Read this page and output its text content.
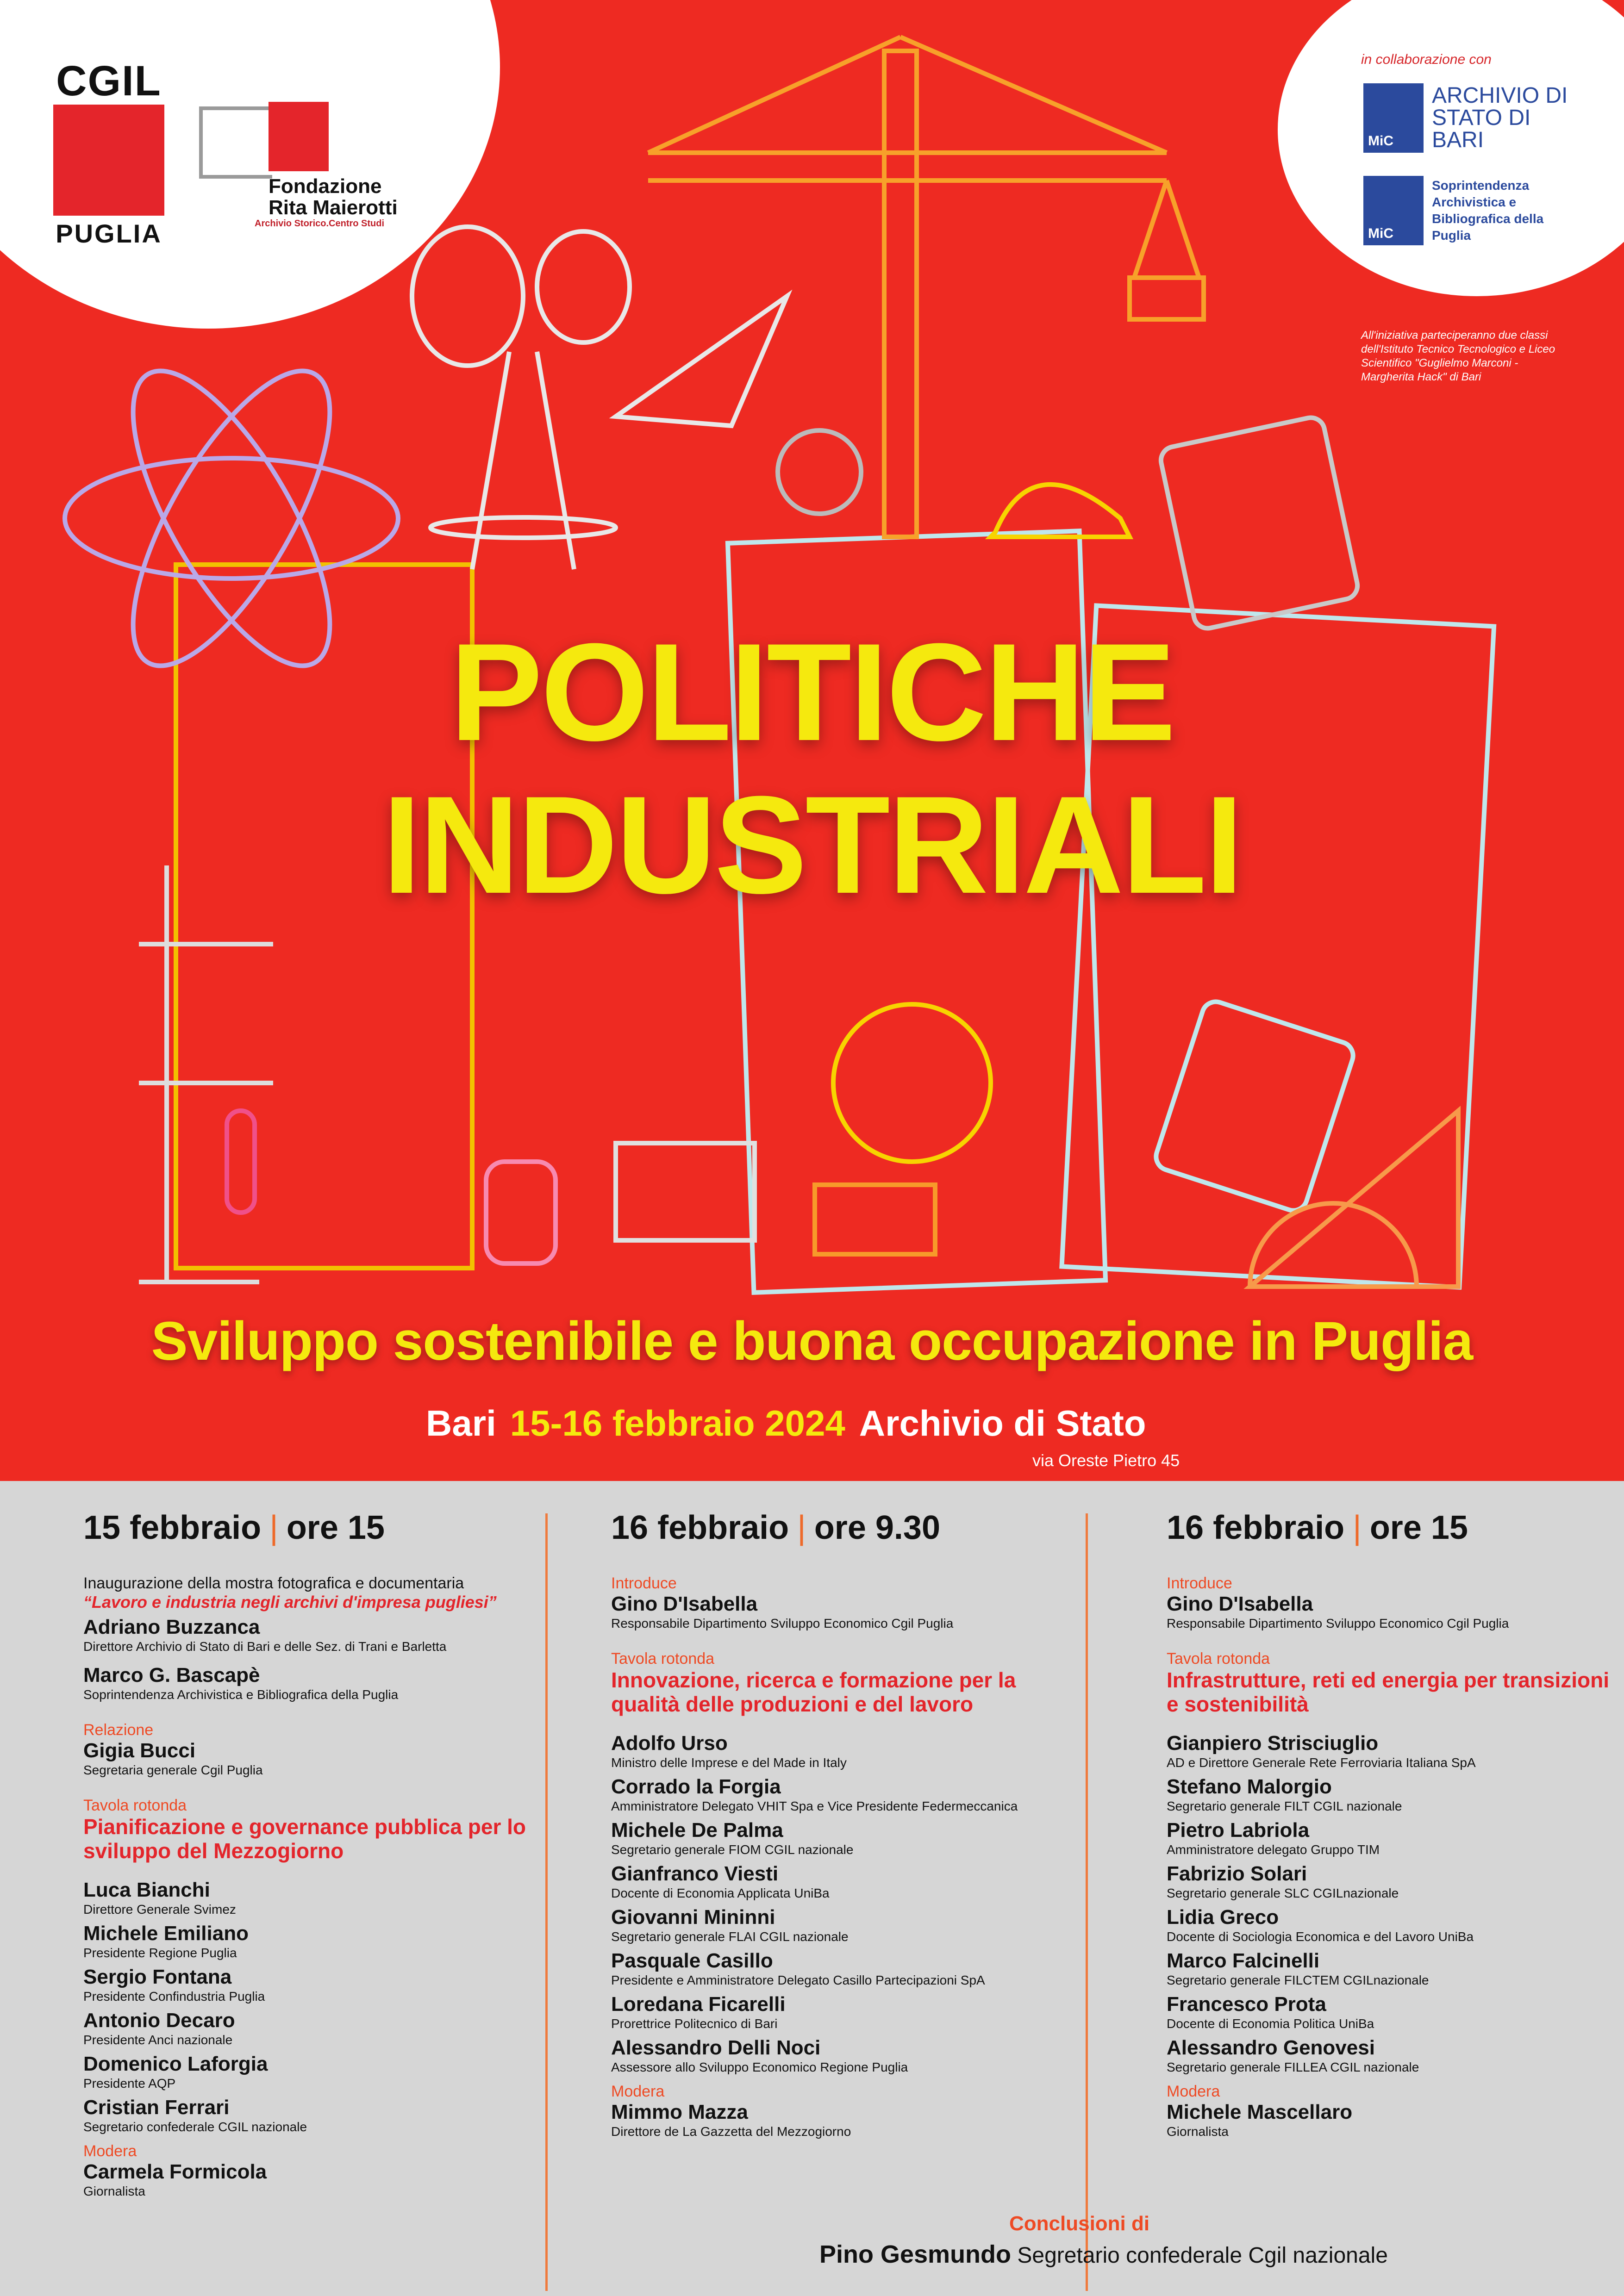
CGIL
PUGLIA
Fondazione
Rita Maierotti
Archivio Storico.Centro Studi
in collaborazione con
MiC
ARCHIVIO DI STATO DI BARI
MiC
Soprintendenza Archivistica e Bibliografica della Puglia
All'iniziativa parteciperanno due classi dell'Istituto Tecnico Tecnologico e Liceo Scientifico "Guglielmo Marconi - Margherita Hack" di Bari
POLITICHE
INDUSTRIALI
Sviluppo sostenibile e buona occupazione in Puglia
Bari 15-16 febbraio 2024 Archivio di Stato
via Oreste Pietro 45
15 febbraio | ore 15
Inaugurazione della mostra fotografica e documentaria
“Lavoro e industria negli archivi d'impresa pugliesi”
Adriano Buzzanca
Direttore Archivio di Stato di Bari e delle Sez. di Trani e Barletta
Marco G. Bascapè
Soprintendenza Archivistica e Bibliografica della Puglia
Relazione
Gigia Bucci
Segretaria generale Cgil Puglia
Tavola rotonda
Pianificazione e governance pubblica per lo sviluppo del Mezzogiorno
Luca Bianchi
Direttore Generale Svimez
Michele Emiliano
Presidente Regione Puglia
Sergio Fontana
Presidente Confindustria Puglia
Antonio Decaro
Presidente Anci nazionale
Domenico Laforgia
Presidente AQP
Cristian Ferrari
Segretario confederale CGIL nazionale
Modera
Carmela Formicola
Giornalista
16 febbraio | ore 9.30
Introduce
Gino D'Isabella
Responsabile Dipartimento Sviluppo Economico Cgil Puglia
Tavola rotonda
Innovazione, ricerca e formazione per la qualità delle produzioni e del lavoro
Adolfo Urso
Ministro delle Imprese e del Made in Italy
Corrado la Forgia
Amministratore Delegato VHIT Spa e Vice Presidente Federmeccanica
Michele De Palma
Segretario generale FIOM CGIL nazionale
Gianfranco Viesti
Docente di Economia Applicata UniBa
Giovanni Mininni
Segretario generale FLAI CGIL nazionale
Pasquale Casillo
Presidente e Amministratore Delegato Casillo Partecipazioni SpA
Loredana Ficarelli
Prorettrice Politecnico di Bari
Alessandro Delli Noci
Assessore allo Sviluppo Economico Regione Puglia
Modera
Mimmo Mazza
Direttore de La Gazzetta del Mezzogiorno
16 febbraio | ore 15
Introduce
Gino D'Isabella
Responsabile Dipartimento Sviluppo Economico Cgil Puglia
Tavola rotonda
Infrastrutture, reti ed energia per transizioni e sostenibilità
Gianpiero Strisciuglio
AD e Direttore Generale Rete Ferroviaria Italiana SpA
Stefano Malorgio
Segretario generale FILT CGIL nazionale
Pietro Labriola
Amministratore delegato Gruppo TIM
Fabrizio Solari
Segretario generale SLC CGILnazionale
Lidia Greco
Docente di Sociologia Economica e del Lavoro UniBa
Marco Falcinelli
Segretario generale FILCTEM CGILnazionale
Francesco Prota
Docente di Economia Politica UniBa
Alessandro Genovesi
Segretario generale FILLEA CGIL nazionale
Modera
Michele Mascellaro
Giornalista
Conclusioni di
Pino Gesmundo Segretario confederale Cgil nazionale
